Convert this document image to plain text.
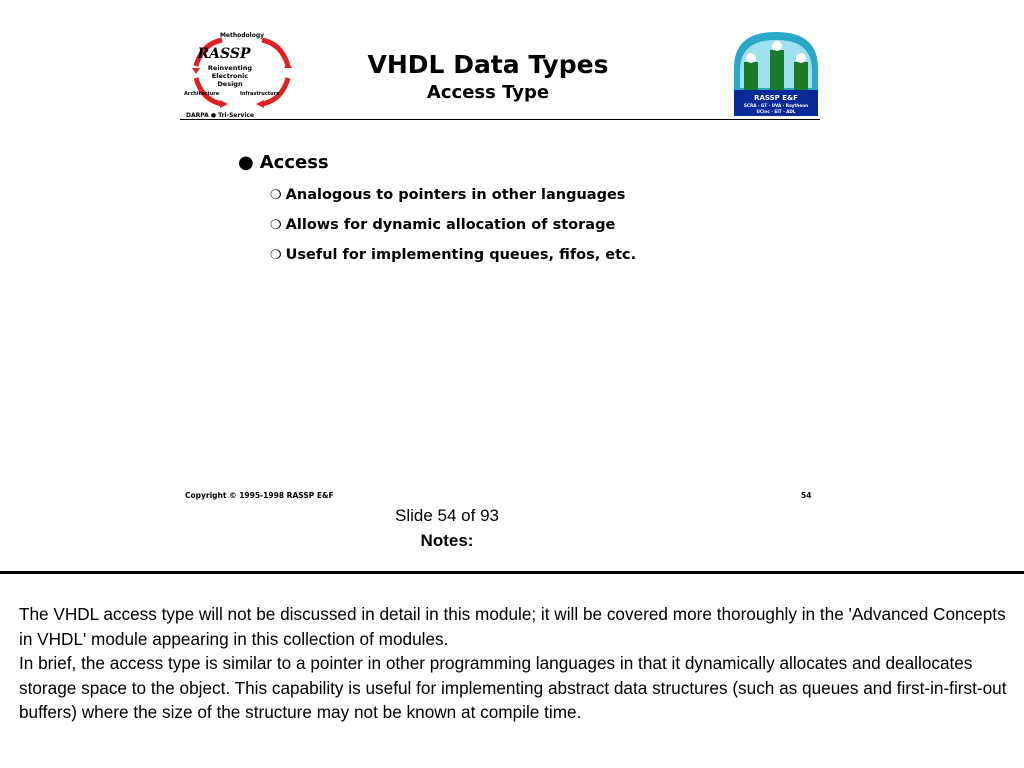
Methodology
RASSP
Reinventing
Electronic
Design
Architecture	Infrastructure
DARPA ● Tri-Service
VHDL Data Types
Access Type	RASSP E&F
SCRA · GT · UVA · Raytheon
UCinc · EIT · ADL
● Access
❍ Analogous to pointers in other languages
❍ Allows for dynamic allocation of storage
❍ Useful for implementing queues, fifos, etc.
Copyright © 1995-1998 RASSP E&F	54
Slide 54 of 93
Notes:

The VHDL access type will not be discussed in detail in this module; it will be covered more thoroughly in the 'Advanced Concepts in VHDL' module appearing in this collection of modules.

In brief, the access type is similar to a pointer in other programming languages in that it dynamically allocates and deallocates storage space to the object. This capability is useful for implementing abstract data structures (such as queues and first-in-first-out buffers) where the size of the structure may not be known at compile time.
